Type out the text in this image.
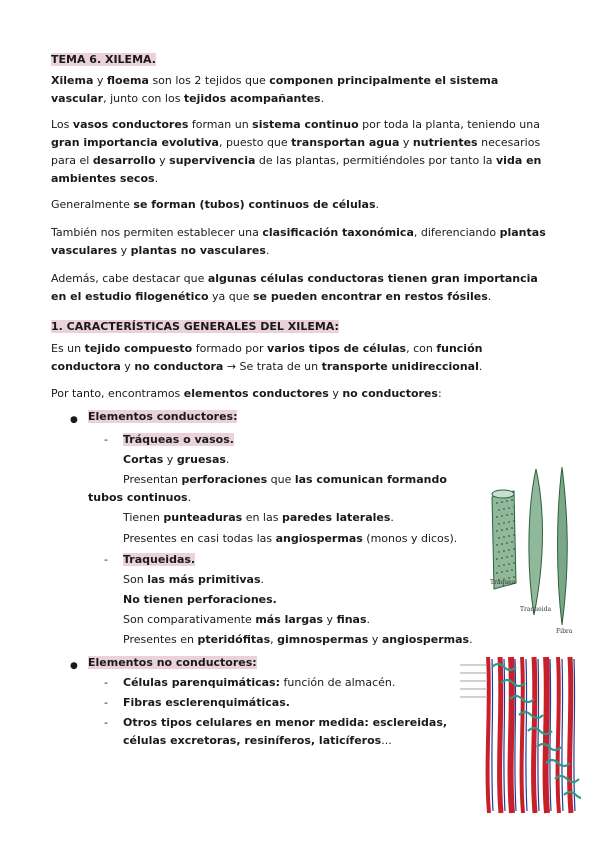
TEMA 6. XILEMA.

Xilema y floema son los 2 tejidos que componen principalmente el sistema vascular, junto con los tejidos acompañantes.

Los vasos conductores forman un sistema continuo por toda la planta, teniendo una gran importancia evolutiva, puesto que transportan agua y nutrientes necesarios para el desarrollo y supervivencia de las plantas, permitiéndoles por tanto la vida en ambientes secos.

Generalmente se forman (tubos) continuos de células.

También nos permiten establecer una clasificación taxonómica, diferenciando plantas vasculares y plantas no vasculares.

Además, cabe destacar que algunas células conductoras tienen gran importancia en el estudio filogenético ya que se pueden encontrar en restos fósiles.

1. CARACTERÍSTICAS GENERALES DEL XILEMA:

Es un tejido compuesto formado por varios tipos de células, con función conductora y no conductora → Se trata de un transporte unidireccional.

Por tanto, encontramos elementos conductores y no conductores:

● Elementos conductores:

- Tráqueas o vasos.

Cortas y gruesas.

Presentan perforaciones que las comunican formando tubos continuos.

Tienen punteaduras en las paredes laterales.

Presentes en casi todas las angiospermas (monos y dicos).

- Traqueidas.

Son las más primitivas.

No tienen perforaciones.

Son comparativamente más largas y finas.

Presentes en pteridófitas, gimnospermas y angiospermas.

● Elementos no conductores:

- Células parenquimáticas: función de almacén.

- Fibras esclerenquimáticas.

- Otros tipos celulares en menor medida: esclereidas, células excretoras, resiníferos, laticíferos...

Tráquea
Traqueida
Fibra
